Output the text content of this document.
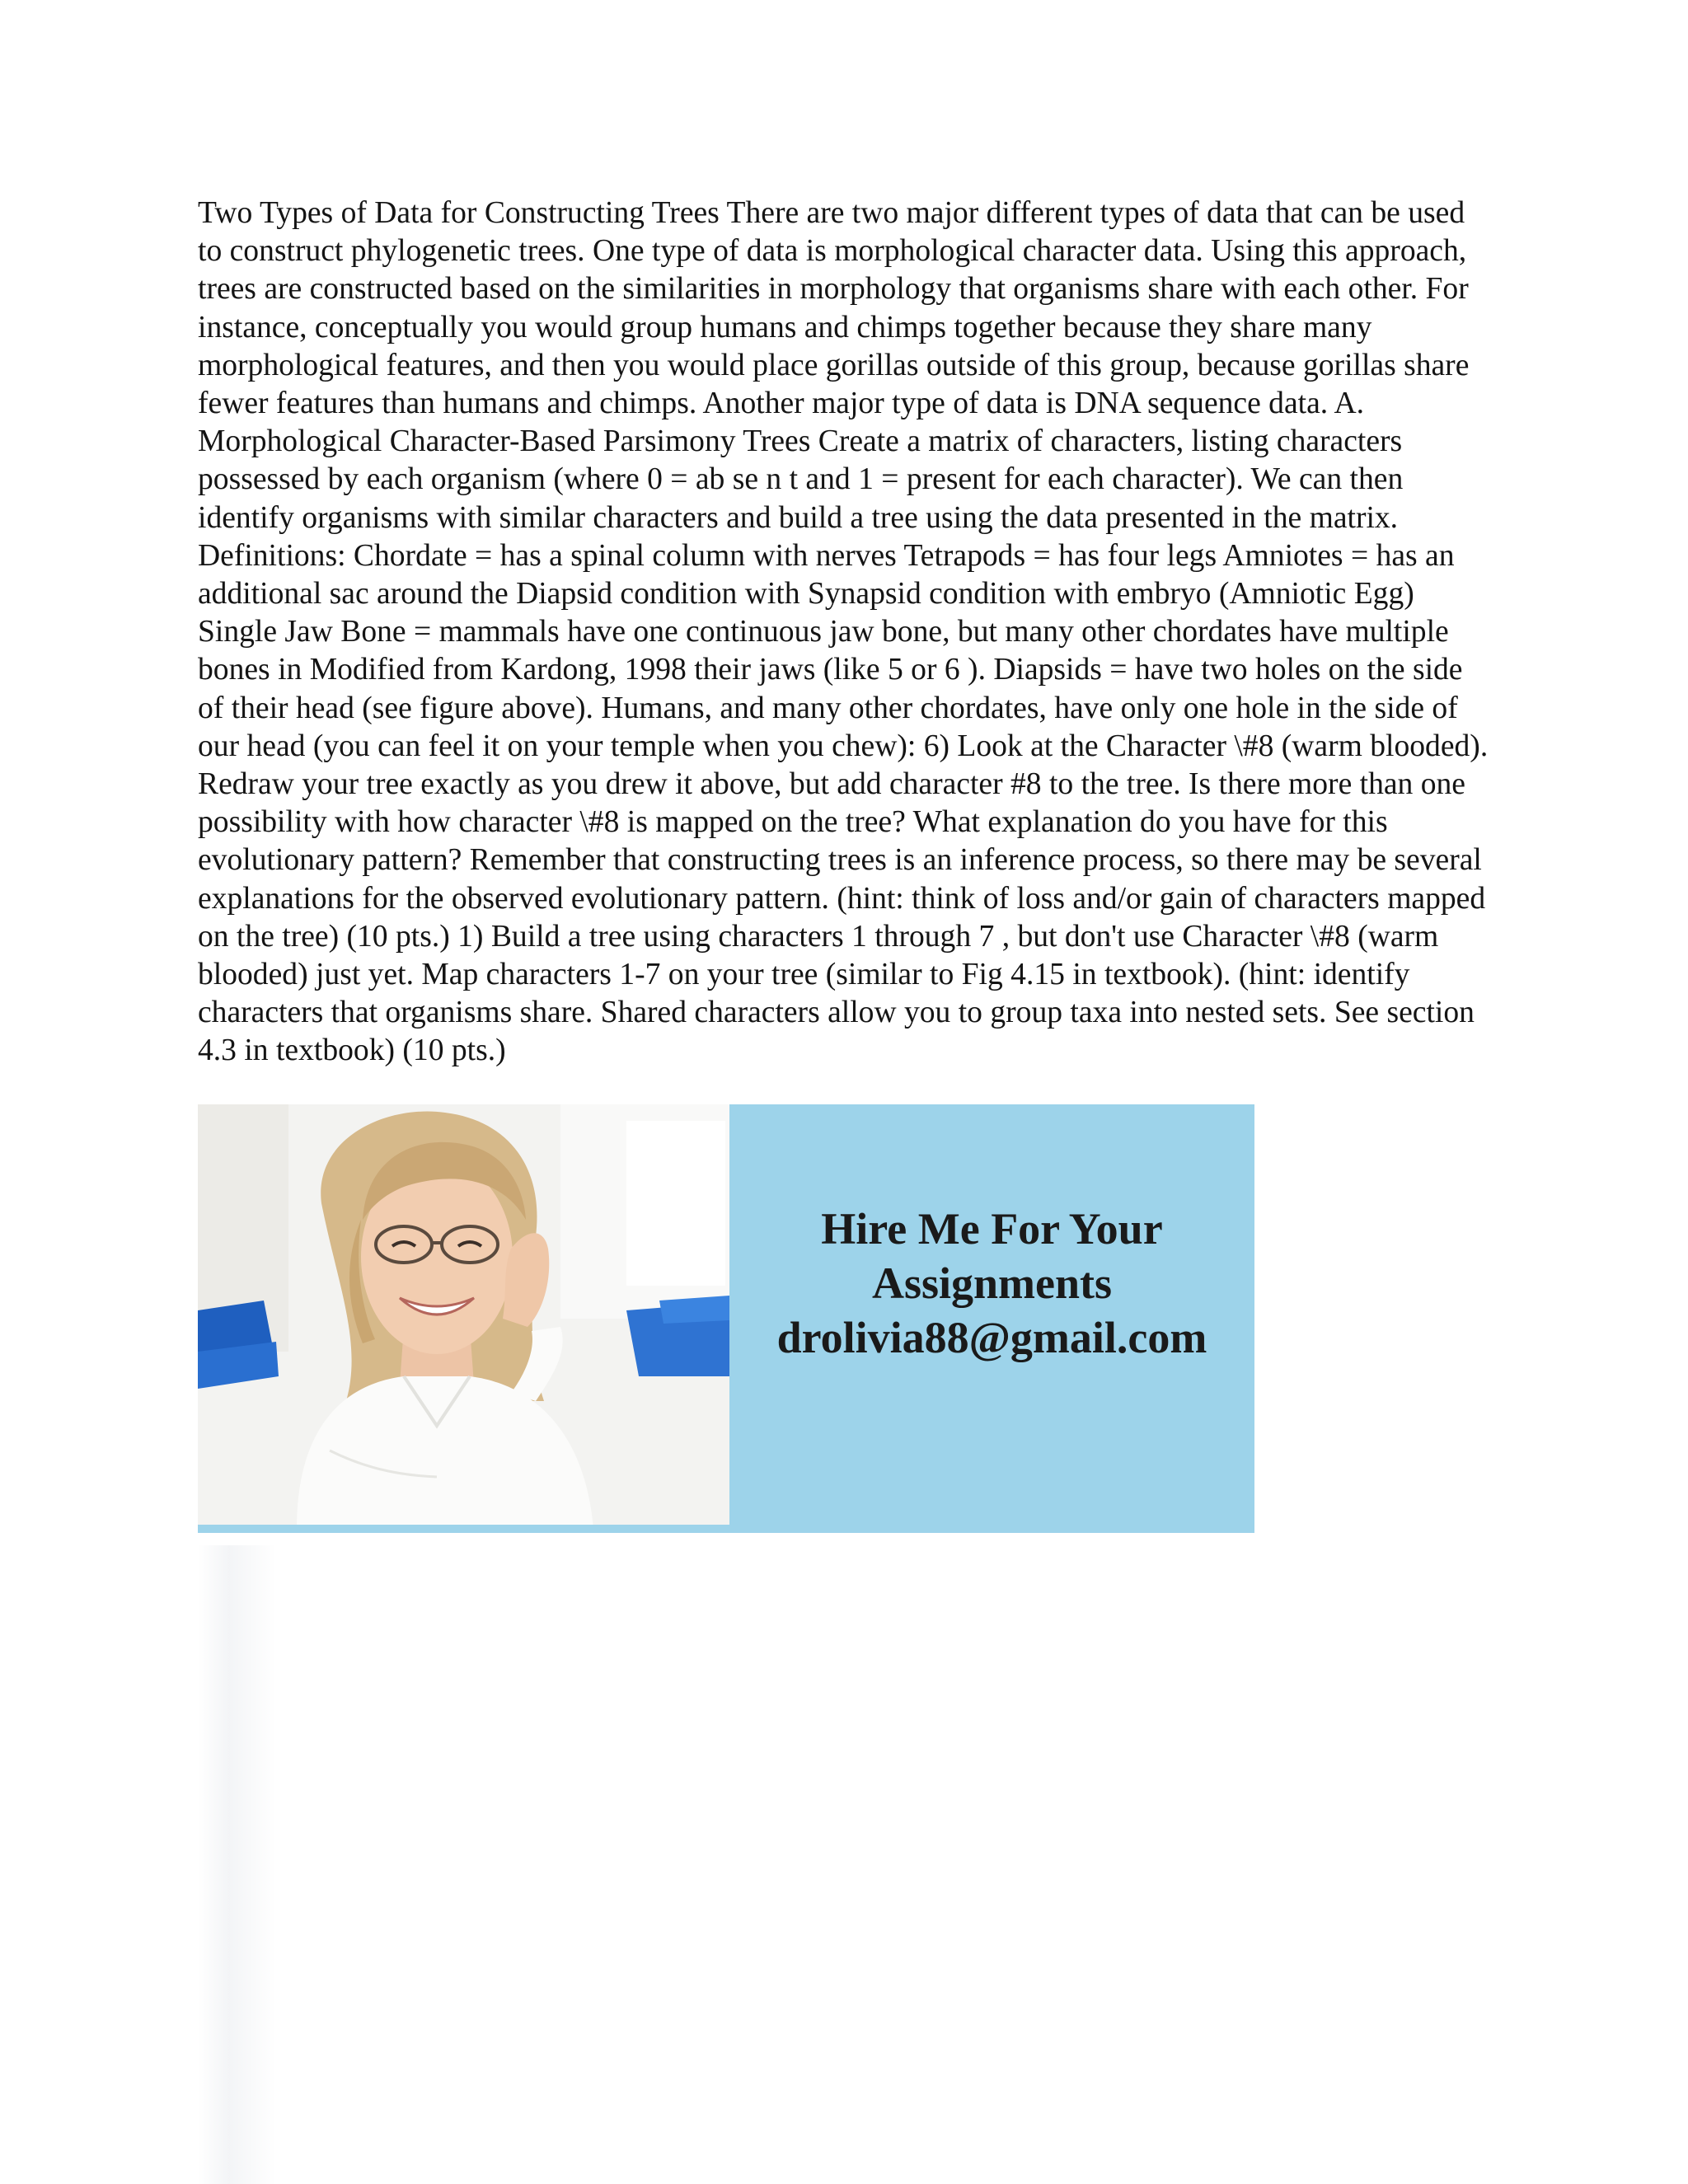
Two Types of Data for Constructing Trees There are two major different types of data that can be used to construct phylogenetic trees. One type of data is morphological character data. Using this approach, trees are constructed based on the similarities in morphology that organisms share with each other. For instance, conceptually you would group humans and chimps together because they share many morphological features, and then you would place gorillas outside of this group, because gorillas share fewer features than humans and chimps. Another major type of data is DNA sequence data. A. Morphological Character-Based Parsimony Trees Create a matrix of characters, listing characters possessed by each organism (where 0 = ab se n t and 1 = present for each character). We can then identify organisms with similar characters and build a tree using the data presented in the matrix. Definitions: Chordate = has a spinal column with nerves Tetrapods = has four legs Amniotes = has an additional sac around the Diapsid condition with Synapsid condition with embryo (Amniotic Egg) Single Jaw Bone = mammals have one continuous jaw bone, but many other chordates have multiple bones in Modified from Kardong, 1998 their jaws (like 5 or 6 ). Diapsids = have two holes on the side of their head (see figure above). Humans, and many other chordates, have only one hole in the side of our head (you can feel it on your temple when you chew): 6) Look at the Character \#8 (warm blooded). Redraw your tree exactly as you drew it above, but add character #8 to the tree. Is there more than one possibility with how character \#8 is mapped on the tree? What explanation do you have for this evolutionary pattern? Remember that constructing trees is an inference process, so there may be several explanations for the observed evolutionary pattern. (hint: think of loss and/or gain of characters mapped on the tree) (10 pts.) 1) Build a tree using characters 1 through 7 , but don't use Character \#8 (warm blooded) just yet. Map characters 1-7 on your tree (similar to Fig 4.15 in textbook). (hint: identify characters that organisms share. Shared characters allow you to group taxa into nested sets. See section 4.3 in textbook) (10 pts.)

Hire Me For Your
Assignments
drolivia88@gmail.com
